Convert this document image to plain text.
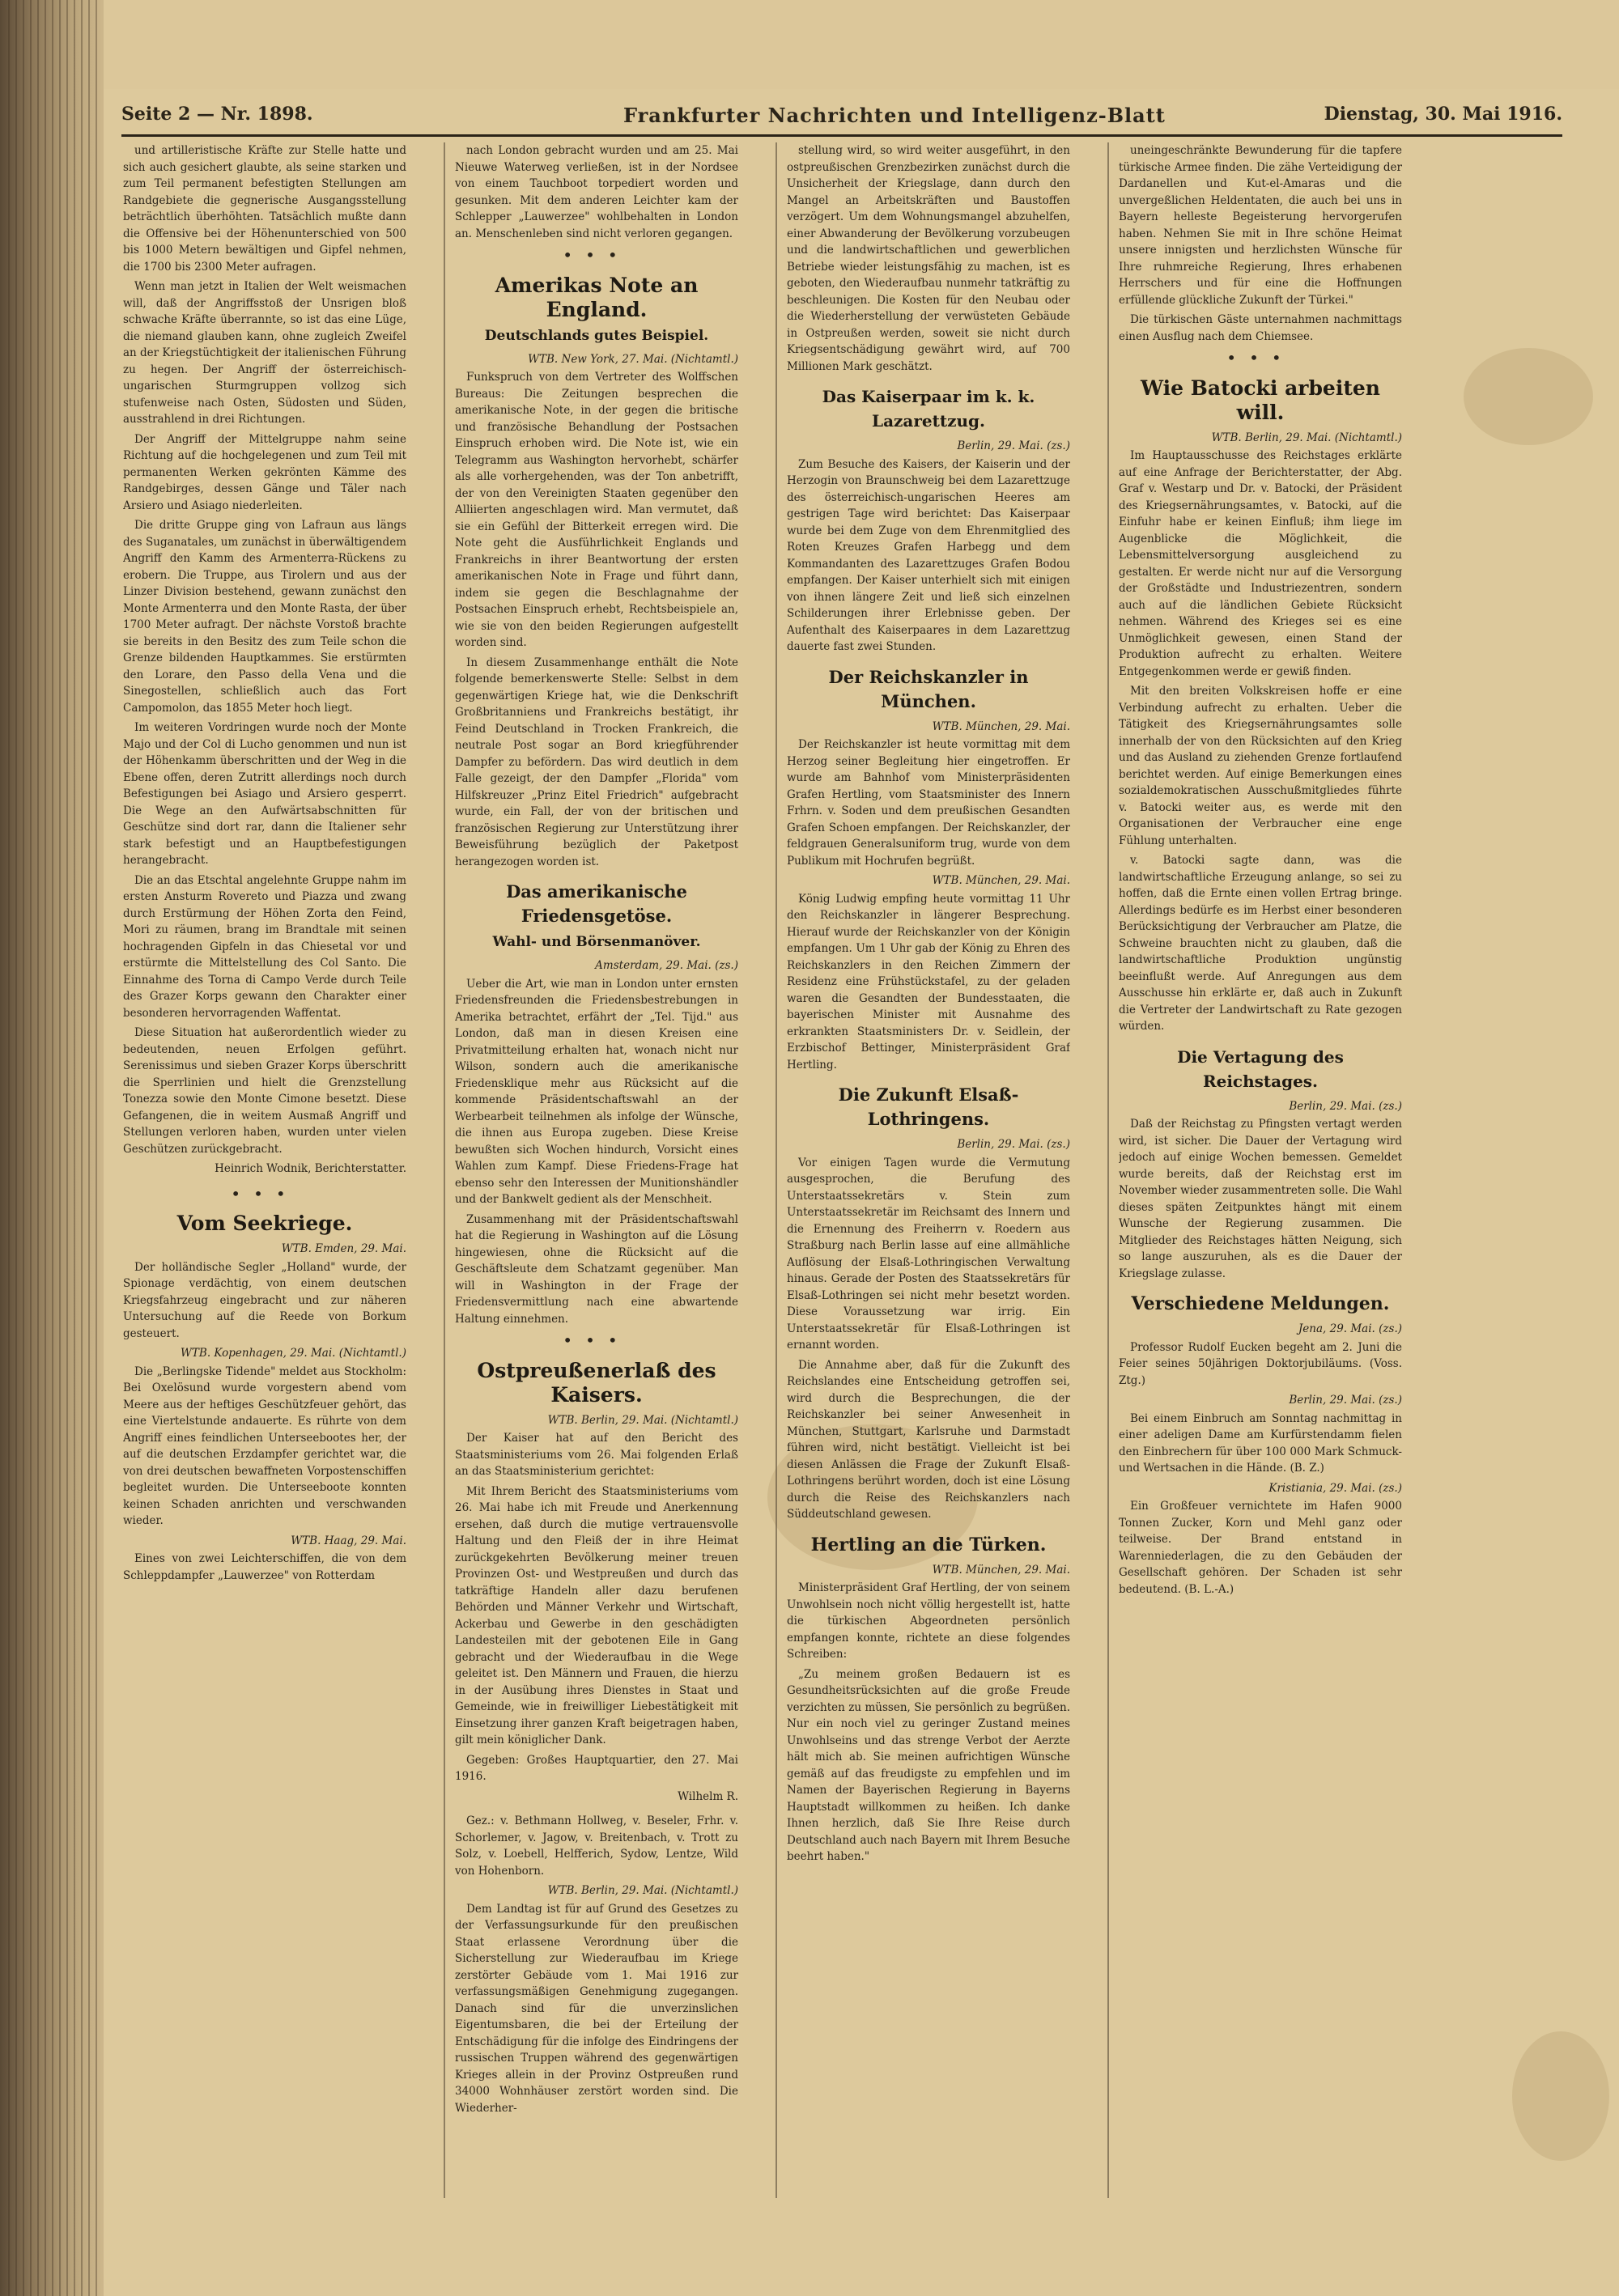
Seite 2 — Nr. 1898.	Frankfurter Nachrichten und Intelligenz-Blatt	Dienstag, 30. Mai 1916.

und artilleristische Kräfte zur Stelle hatte und sich auch gesichert glaubte, als seine starken und zum Teil permanent befestigten Stellungen am Randgebiete die gegnerische Ausgangsstellung beträchtlich überhöhten. Tatsächlich mußte dann die Offensive bei der Höhenunterschied von 500 bis 1000 Metern bewältigen und Gipfel nehmen, die 1700 bis 2300 Meter aufragen.

Wenn man jetzt in Italien der Welt weismachen will, daß der Angriffsstoß der Unsrigen bloß schwache Kräfte überrannte, so ist das eine Lüge, die niemand glauben kann, ohne zugleich Zweifel an der Kriegstüchtigkeit der italienischen Führung zu hegen. Der Angriff der österreichisch-ungarischen Sturmgruppen vollzog sich stufenweise nach Osten, Südosten und Süden, ausstrahlend in drei Richtungen.

Der Angriff der Mittelgruppe nahm seine Richtung auf die hochgelegenen und zum Teil mit permanenten Werken gekrönten Kämme des Randgebirges, dessen Gänge und Täler nach Arsiero und Asiago niederleiten.

Die dritte Gruppe ging von Lafraun aus längs des Suganatales, um zunächst in überwältigendem Angriff den Kamm des Armenterra-Rückens zu erobern. Die Truppe, aus Tirolern und aus der Linzer Division bestehend, gewann zunächst den Monte Armenterra und den Monte Rasta, der über 1700 Meter aufragt. Der nächste Vorstoß brachte sie bereits in den Besitz des zum Teile schon die Grenze bildenden Hauptkammes. Sie erstürmten den Lorare, den Passo della Vena und die Sinegostellen, schließlich auch das Fort Campomolon, das 1855 Meter hoch liegt.

Im weiteren Vordringen wurde noch der Monte Majo und der Col di Lucho genommen und nun ist der Höhenkamm überschritten und der Weg in die Ebene offen, deren Zutritt allerdings noch durch Befestigungen bei Asiago und Arsiero gesperrt. Die Wege an den Aufwärtsabschnitten für Geschütze sind dort rar, dann die Italiener sehr stark befestigt und an Hauptbefestigungen herangebracht.

Die an das Etschtal angelehnte Gruppe nahm im ersten Ansturm Rovereto und Piazza und zwang durch Erstürmung der Höhen Zorta den Feind, Mori zu räumen, brang im Brandtale mit seinen hochragenden Gipfeln in das Chiesetal vor und erstürmte die Mittelstellung des Col Santo. Die Einnahme des Torna di Campo Verde durch Teile des Grazer Korps gewann den Charakter einer besonderen hervorragenden Waffentat.

Diese Situation hat außerordentlich wieder zu bedeutenden, neuen Erfolgen geführt. Serenissimus und sieben Grazer Korps überschritt die Sperrlinien und hielt die Grenzstellung Tonezza sowie den Monte Cimone besetzt. Diese Gefangenen, die in weitem Ausmaß Angriff und Stellungen verloren haben, wurden unter vielen Geschützen zurückgebracht.

Heinrich Wodnik, Berichterstatter.

•••
Vom Seekriege.

WTB. Emden, 29. Mai.

Der holländische Segler „Holland" wurde, der Spionage verdächtig, von einem deutschen Kriegsfahrzeug eingebracht und zur näheren Untersuchung auf die Reede von Borkum gesteuert.

WTB. Kopenhagen, 29. Mai. (Nichtamtl.)

Die „Berlingske Tidende" meldet aus Stockholm: Bei Oxelösund wurde vorgestern abend vom Meere aus der heftiges Geschützfeuer gehört, das eine Viertelstunde andauerte. Es rührte von dem Angriff eines feindlichen Unterseebootes her, der auf die deutschen Erzdampfer gerichtet war, die von drei deutschen bewaffneten Vorpostenschiffen begleitet wurden. Die Unterseeboote konnten keinen Schaden anrichten und verschwanden wieder.

WTB. Haag, 29. Mai.

Eines von zwei Leichterschiffen, die von dem Schleppdampfer „Lauwerzee" von Rotterdam

nach London gebracht wurden und am 25. Mai Nieuwe Waterweg verließen, ist in der Nordsee von einem Tauchboot torpediert worden und gesunken. Mit dem anderen Leichter kam der Schlepper „Lauwerzee" wohlbehalten in London an. Menschenleben sind nicht verloren gegangen.

•••
Amerikas Note an England.
Deutschlands gutes Beispiel.

WTB. New York, 27. Mai. (Nichtamtl.)

Funkspruch von dem Vertreter des Wolffschen Bureaus: Die Zeitungen besprechen die amerikanische Note, in der gegen die britische und französische Behandlung der Postsachen Einspruch erhoben wird. Die Note ist, wie ein Telegramm aus Washington hervorhebt, schärfer als alle vorhergehenden, was der Ton anbetrifft, der von den Vereinigten Staaten gegenüber den Alliierten angeschlagen wird. Man vermutet, daß sie ein Gefühl der Bitterkeit erregen wird. Die Note geht die Ausführlichkeit Englands und Frankreichs in ihrer Beantwortung der ersten amerikanischen Note in Frage und führt dann, indem sie gegen die Beschlagnahme der Postsachen Einspruch erhebt, Rechtsbeispiele an, wie sie von den beiden Regierungen aufgestellt worden sind.

In diesem Zusammenhange enthält die Note folgende bemerkenswerte Stelle: Selbst in dem gegenwärtigen Kriege hat, wie die Denkschrift Großbritanniens und Frankreichs bestätigt, ihr Feind Deutschland in Trocken Frankreich, die neutrale Post sogar an Bord kriegführender Dampfer zu befördern. Das wird deutlich in dem Falle gezeigt, der den Dampfer „Florida" vom Hilfskreuzer „Prinz Eitel Friedrich" aufgebracht wurde, ein Fall, der von der britischen und französischen Regierung zur Unterstützung ihrer Beweisführung bezüglich der Paketpost herangezogen worden ist.

Das amerikanische Friedensgetöse.
Wahl- und Börsenmanöver.

Amsterdam, 29. Mai. (zs.)

Ueber die Art, wie man in London unter ernsten Friedensfreunden die Friedensbestrebungen in Amerika betrachtet, erfährt der „Tel. Tijd." aus London, daß man in diesen Kreisen eine Privatmitteilung erhalten hat, wonach nicht nur Wilson, sondern auch die amerikanische Friedensklique mehr aus Rücksicht auf die kommende Präsidentschaftswahl an der Werbearbeit teilnehmen als infolge der Wünsche, die ihnen aus Europa zugeben. Diese Kreise bewußten sich Wochen hindurch, Vorsicht eines Wahlen zum Kampf. Diese Friedens-Frage hat ebenso sehr den Interessen der Munitionshändler und der Bankwelt gedient als der Menschheit.

Zusammenhang mit der Präsidentschaftswahl hat die Regierung in Washington auf die Lösung hingewiesen, ohne die Rücksicht auf die Geschäftsleute dem Schatzamt gegenüber. Man will in Washington in der Frage der Friedensvermittlung nach eine abwartende Haltung einnehmen.

•••
Ostpreußenerlaß des Kaisers.

WTB. Berlin, 29. Mai. (Nichtamtl.)

Der Kaiser hat auf den Bericht des Staatsministeriums vom 26. Mai folgenden Erlaß an das Staatsministerium gerichtet:

Mit Ihrem Bericht des Staatsministeriums vom 26. Mai habe ich mit Freude und Anerkennung ersehen, daß durch die mutige vertrauensvolle Haltung und den Fleiß der in ihre Heimat zurückgekehrten Bevölkerung meiner treuen Provinzen Ost- und Westpreußen und durch das tatkräftige Handeln aller dazu berufenen Behörden und Männer Verkehr und Wirtschaft, Ackerbau und Gewerbe in den geschädigten Landesteilen mit der gebotenen Eile in Gang gebracht und der Wiederaufbau in die Wege geleitet ist. Den Männern und Frauen, die hierzu in der Ausübung ihres Dienstes in Staat und Gemeinde, wie in freiwilliger Liebestätigkeit mit Einsetzung ihrer ganzen Kraft beigetragen haben, gilt mein königlicher Dank.

Gegeben: Großes Hauptquartier, den 27. Mai 1916.

Wilhelm R.

Gez.: v. Bethmann Hollweg, v. Beseler, Frhr. v. Schorlemer, v. Jagow, v. Breitenbach, v. Trott zu Solz, v. Loebell, Helfferich, Sydow, Lentze, Wild von Hohenborn.

WTB. Berlin, 29. Mai. (Nichtamtl.)

Dem Landtag ist für auf Grund des Gesetzes zu der Verfassungsurkunde für den preußischen Staat erlassene Verordnung über die Sicherstellung zur Wiederaufbau im Kriege zerstörter Gebäude vom 1. Mai 1916 zur verfassungsmäßigen Genehmigung zugegangen. Danach sind für die unverzinslichen Eigentumsbaren, die bei der Erteilung der Entschädigung für die infolge des Eindringens der russischen Truppen während des gegenwärtigen Krieges allein in der Provinz Ostpreußen rund 34000 Wohnhäuser zerstört worden sind. Die Wiederher-

stellung wird, so wird weiter ausgeführt, in den ostpreußischen Grenzbezirken zunächst durch die Unsicherheit der Kriegslage, dann durch den Mangel an Arbeitskräften und Baustoffen verzögert. Um dem Wohnungsmangel abzuhelfen, einer Abwanderung der Bevölkerung vorzubeugen und die landwirtschaftlichen und gewerblichen Betriebe wieder leistungsfähig zu machen, ist es geboten, den Wiederaufbau nunmehr tatkräftig zu beschleunigen. Die Kosten für den Neubau oder die Wiederherstellung der verwüsteten Gebäude in Ostpreußen werden, soweit sie nicht durch Kriegsentschädigung gewährt wird, auf 700 Millionen Mark geschätzt.

Das Kaiserpaar im k. k. Lazarettzug.

Berlin, 29. Mai. (zs.)

Zum Besuche des Kaisers, der Kaiserin und der Herzogin von Braunschweig bei dem Lazarettzuge des österreichisch-ungarischen Heeres am gestrigen Tage wird berichtet: Das Kaiserpaar wurde bei dem Zuge von dem Ehrenmitglied des Roten Kreuzes Grafen Harbegg und dem Kommandanten des Lazarettzuges Grafen Bodou empfangen. Der Kaiser unterhielt sich mit einigen von ihnen längere Zeit und ließ sich einzelnen Schilderungen ihrer Erlebnisse geben. Der Aufenthalt des Kaiserpaares in dem Lazarettzug dauerte fast zwei Stunden.

Der Reichskanzler in München.

WTB. München, 29. Mai.

Der Reichskanzler ist heute vormittag mit dem Herzog seiner Begleitung hier eingetroffen. Er wurde am Bahnhof vom Ministerpräsidenten Grafen Hertling, vom Staatsminister des Innern Frhrn. v. Soden und dem preußischen Gesandten Grafen Schoen empfangen. Der Reichskanzler, der feldgrauen Generalsuniform trug, wurde von dem Publikum mit Hochrufen begrüßt.

WTB. München, 29. Mai.

König Ludwig empfing heute vormittag 11 Uhr den Reichskanzler in längerer Besprechung. Hierauf wurde der Reichskanzler von der Königin empfangen. Um 1 Uhr gab der König zu Ehren des Reichskanzlers in den Reichen Zimmern der Residenz eine Frühstückstafel, zu der geladen waren die Gesandten der Bundesstaaten, die bayerischen Minister mit Ausnahme des erkrankten Staatsministers Dr. v. Seidlein, der Erzbischof Bettinger, Ministerpräsident Graf Hertling.

Die Zukunft Elsaß-Lothringens.

Berlin, 29. Mai. (zs.)

Vor einigen Tagen wurde die Vermutung ausgesprochen, die Berufung des Unterstaatssekretärs v. Stein zum Unterstaatssekretär im Reichsamt des Innern und die Ernennung des Freiherrn v. Roedern aus Straßburg nach Berlin lasse auf eine allmähliche Auflösung der Elsaß-Lothringischen Verwaltung hinaus. Gerade der Posten des Staatssekretärs für Elsaß-Lothringen sei nicht mehr besetzt worden. Diese Voraussetzung war irrig. Ein Unterstaatssekretär für Elsaß-Lothringen ist ernannt worden.

Die Annahme aber, daß für die Zukunft des Reichslandes eine Entscheidung getroffen sei, wird durch die Besprechungen, die der Reichskanzler bei seiner Anwesenheit in München, Stuttgart, Karlsruhe und Darmstadt führen wird, nicht bestätigt. Vielleicht ist bei diesen Anlässen die Frage der Zukunft Elsaß-Lothringens berührt worden, doch ist eine Lösung durch die Reise des Reichskanzlers nach Süddeutschland gewesen.

Hertling an die Türken.

WTB. München, 29. Mai.

Ministerpräsident Graf Hertling, der von seinem Unwohlsein noch nicht völlig hergestellt ist, hatte die türkischen Abgeordneten persönlich empfangen konnte, richtete an diese folgendes Schreiben:

„Zu meinem großen Bedauern ist es Gesundheitsrücksichten auf die große Freude verzichten zu müssen, Sie persönlich zu begrüßen. Nur ein noch viel zu geringer Zustand meines Unwohlseins und das strenge Verbot der Aerzte hält mich ab. Sie meinen aufrichtigen Wünsche gemäß auf das freudigste zu empfehlen und im Namen der Bayerischen Regierung in Bayerns Hauptstadt willkommen zu heißen. Ich danke Ihnen herzlich, daß Sie Ihre Reise durch Deutschland auch nach Bayern mit Ihrem Besuche beehrt haben."

uneingeschränkte Bewunderung für die tapfere türkische Armee finden. Die zähe Verteidigung der Dardanellen und Kut-el-Amaras und die unvergeßlichen Heldentaten, die auch bei uns in Bayern helleste Begeisterung hervorgerufen haben. Nehmen Sie mit in Ihre schöne Heimat unsere innigsten und herzlichsten Wünsche für Ihre ruhmreiche Regierung, Ihres erhabenen Herrschers und für eine die Hoffnungen erfüllende glückliche Zukunft der Türkei."

Die türkischen Gäste unternahmen nachmittags einen Ausflug nach dem Chiemsee.

•••
Wie Batocki arbeiten will.

WTB. Berlin, 29. Mai. (Nichtamtl.)

Im Hauptausschusse des Reichstages erklärte auf eine Anfrage der Berichterstatter, der Abg. Graf v. Westarp und Dr. v. Batocki, der Präsident des Kriegsernährungsamtes, v. Batocki, auf die Einfuhr habe er keinen Einfluß; ihm liege im Augenblicke die Möglichkeit, die Lebensmittelversorgung ausgleichend zu gestalten. Er werde nicht nur auf die Versorgung der Großstädte und Industriezentren, sondern auch auf die ländlichen Gebiete Rücksicht nehmen. Während des Krieges sei es eine Unmöglichkeit gewesen, einen Stand der Produktion aufrecht zu erhalten. Weitere Entgegenkommen werde er gewiß finden.

Mit den breiten Volkskreisen hoffe er eine Verbindung aufrecht zu erhalten. Ueber die Tätigkeit des Kriegsernährungsamtes solle innerhalb der von den Rücksichten auf den Krieg und das Ausland zu ziehenden Grenze fortlaufend berichtet werden. Auf einige Bemerkungen eines sozialdemokratischen Ausschußmitgliedes führte v. Batocki weiter aus, es werde mit den Organisationen der Verbraucher eine enge Fühlung unterhalten.

v. Batocki sagte dann, was die landwirtschaftliche Erzeugung anlange, so sei zu hoffen, daß die Ernte einen vollen Ertrag bringe. Allerdings bedürfe es im Herbst einer besonderen Berücksichtigung der Verbraucher am Platze, die Schweine brauchten nicht zu glauben, daß die landwirtschaftliche Produktion ungünstig beeinflußt werde. Auf Anregungen aus dem Ausschusse hin erklärte er, daß auch in Zukunft die Vertreter der Landwirtschaft zu Rate gezogen würden.

Die Vertagung des Reichstages.

Berlin, 29. Mai. (zs.)

Daß der Reichstag zu Pfingsten vertagt werden wird, ist sicher. Die Dauer der Vertagung wird jedoch auf einige Wochen bemessen. Gemeldet wurde bereits, daß der Reichstag erst im November wieder zusammentreten solle. Die Wahl dieses späten Zeitpunktes hängt mit einem Wunsche der Regierung zusammen. Die Mitglieder des Reichstages hätten Neigung, sich so lange auszuruhen, als es die Dauer der Kriegslage zulasse.

Verschiedene Meldungen.

Jena, 29. Mai. (zs.)

Professor Rudolf Eucken begeht am 2. Juni die Feier seines 50jährigen Doktorjubiläums. (Voss. Ztg.)

Berlin, 29. Mai. (zs.)

Bei einem Einbruch am Sonntag nachmittag in einer adeligen Dame am Kurfürstendamm fielen den Einbrechern für über 100 000 Mark Schmuck- und Wertsachen in die Hände. (B. Z.)

Kristiania, 29. Mai. (zs.)

Ein Großfeuer vernichtete im Hafen 9000 Tonnen Zucker, Korn und Mehl ganz oder teilweise. Der Brand entstand in Warenniederlagen, die zu den Gebäuden der Gesellschaft gehören. Der Schaden ist sehr bedeutend. (B. L.-A.)
